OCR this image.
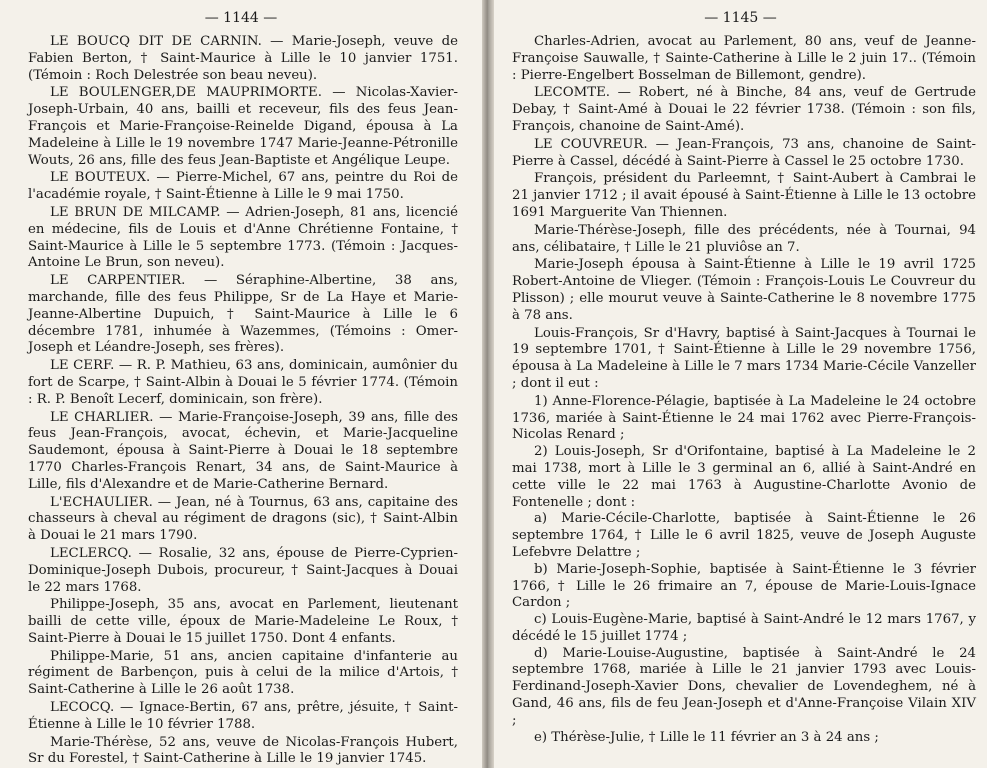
— 1144 —

LE BOUCQ DIT DE CARNIN. — Marie-Joseph, veuve de Fabien Berton, † Saint-Maurice à Lille le 10 janvier 1751. (Témoin : Roch Delestrée son beau neveu).

LE BOULENGER,DE MAUPRIMORTE. — Nicolas-Xavier-Joseph-Urbain, 40 ans, bailli et receveur, fils des feus Jean-François et Marie-Françoise-Reinelde Digand, épousa à La Madeleine à Lille le 19 novembre 1747 Marie-Jeanne-Pétronille Wouts, 26 ans, fille des feus Jean-Baptiste et Angélique Leupe.

LE BOUTEUX. — Pierre-Michel, 67 ans, peintre du Roi de l'académie royale, † Saint-Étienne à Lille le 9 mai 1750.

LE BRUN DE MILCAMP. — Adrien-Joseph, 81 ans, licencié en médecine, fils de Louis et d'Anne Chrétienne Fontaine, † Saint-Maurice à Lille le 5 septembre 1773. (Témoin : Jacques-Antoine Le Brun, son neveu).

LE CARPENTIER. — Séraphine-Albertine, 38 ans, marchande, fille des feus Philippe, Sr de La Haye et Marie-Jeanne-Albertine Dupuich, † Saint-Maurice à Lille le 6 décembre 1781, inhumée à Wazemmes, (Témoins : Omer-Joseph et Léandre-Joseph, ses frères).

LE CERF. — R. P. Mathieu, 63 ans, dominicain, aumônier du fort de Scarpe, † Saint-Albin à Douai le 5 février 1774. (Témoin : R. P. Benoît Lecerf, dominicain, son frère).

LE CHARLIER. — Marie-Françoise-Joseph, 39 ans, fille des feus Jean-François, avocat, échevin, et Marie-Jacqueline Saudemont, épousa à Saint-Pierre à Douai le 18 septembre 1770 Charles-François Renart, 34 ans, de Saint-Maurice à Lille, fils d'Alexandre et de Marie-Catherine Bernard.

L'ECHAULIER. — Jean, né à Tournus, 63 ans, capitaine des chasseurs à cheval au régiment de dragons (sic), † Saint-Albin à Douai le 21 mars 1790.

LECLERCQ. — Rosalie, 32 ans, épouse de Pierre-Cyprien-Dominique-Joseph Dubois, procureur, † Saint-Jacques à Douai le 22 mars 1768.

Philippe-Joseph, 35 ans, avocat en Parlement, lieutenant bailli de cette ville, époux de Marie-Madeleine Le Roux, † Saint-Pierre à Douai le 15 juillet 1750. Dont 4 enfants.

Philippe-Marie, 51 ans, ancien capitaine d'infanterie au régiment de Barbençon, puis à celui de la milice d'Artois, † Saint-Catherine à Lille le 26 août 1738.

LECOCQ. — Ignace-Bertin, 67 ans, prêtre, jésuite, † Saint-Étienne à Lille le 10 février 1788.

Marie-Thérèse, 52 ans, veuve de Nicolas-François Hubert, Sr du Forestel, † Saint-Catherine à Lille le 19 janvier 1745.

— 1145 —

Charles-Adrien, avocat au Parlement, 80 ans, veuf de Jeanne-Françoise Sauwalle, † Sainte-Catherine à Lille le 2 juin 17.. (Témoin : Pierre-Engelbert Bosselman de Billemont, gendre).

LECOMTE. — Robert, né à Binche, 84 ans, veuf de Gertrude Debay, † Saint-Amé à Douai le 22 février 1738. (Témoin : son fils, François, chanoine de Saint-Amé).

LE COUVREUR. — Jean-François, 73 ans, chanoine de Saint-Pierre à Cassel, décédé à Saint-Pierre à Cassel le 25 octobre 1730.

François, président du Parleemnt, † Saint-Aubert à Cambrai le 21 janvier 1712 ; il avait épousé à Saint-Étienne à Lille le 13 octobre 1691 Marguerite Van Thiennen.

Marie-Thérèse-Joseph, fille des précédents, née à Tournai, 94 ans, célibataire, † Lille le 21 pluviôse an 7.

Marie-Joseph épousa à Saint-Étienne à Lille le 19 avril 1725 Robert-Antoine de Vlieger. (Témoin : François-Louis Le Couvreur du Plisson) ; elle mourut veuve à Sainte-Catherine le 8 novembre 1775 à 78 ans.

Louis-François, Sr d'Havry, baptisé à Saint-Jacques à Tournai le 19 septembre 1701, † Saint-Étienne à Lille le 29 novembre 1756, épousa à La Madeleine à Lille le 7 mars 1734 Marie-Cécile Vanzeller ; dont il eut :

1) Anne-Florence-Pélagie, baptisée à La Madeleine le 24 octobre 1736, mariée à Saint-Étienne le 24 mai 1762 avec Pierre-François-Nicolas Renard ;

2) Louis-Joseph, Sr d'Orifontaine, baptisé à La Madeleine le 2 mai 1738, mort à Lille le 3 germinal an 6, allié à Saint-André en cette ville le 22 mai 1763 à Augustine-Charlotte Avonio de Fontenelle ; dont :

a) Marie-Cécile-Charlotte, baptisée à Saint-Étienne le 26 septembre 1764, † Lille le 6 avril 1825, veuve de Joseph Auguste Lefebvre Delattre ;

b) Marie-Joseph-Sophie, baptisée à Saint-Étienne le 3 février 1766, † Lille le 26 frimaire an 7, épouse de Marie-Louis-Ignace Cardon ;

c) Louis-Eugène-Marie, baptisé à Saint-André le 12 mars 1767, y décédé le 15 juillet 1774 ;

d) Marie-Louise-Augustine, baptisée à Saint-André le 24 septembre 1768, mariée à Lille le 21 janvier 1793 avec Louis-Ferdinand-Joseph-Xavier Dons, chevalier de Lovendeghem, né à Gand, 46 ans, fils de feu Jean-Joseph et d'Anne-Françoise Vilain XIV ;

e) Thérèse-Julie, † Lille le 11 février an 3 à 24 ans ;
